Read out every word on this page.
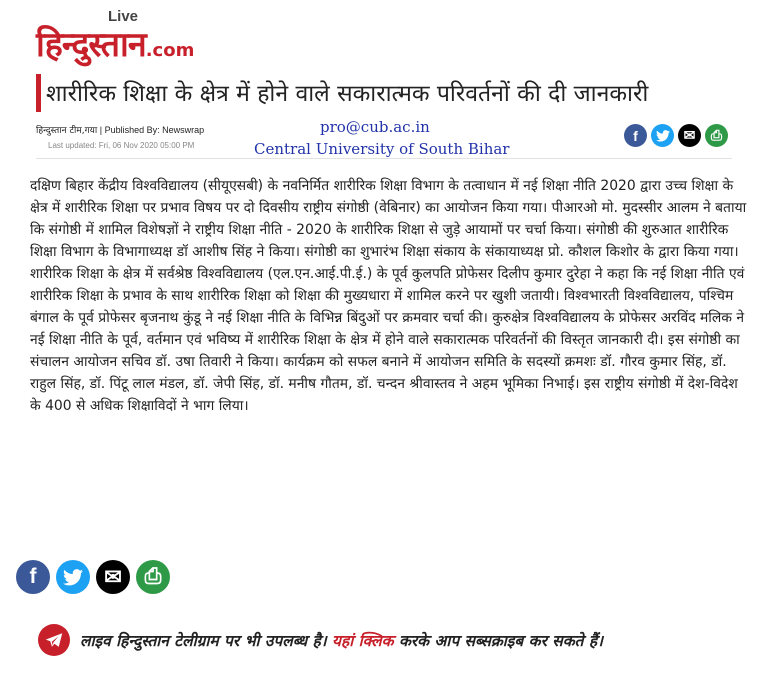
Live
हिन्दुस्तान.com
शारीरिक शिक्षा के क्षेत्र में होने वाले सकारात्मक परिवर्तनों की दी जानकारी
हिन्दुस्तान टीम,गया | Published By: Newswrap
Last updated: Fri, 06 Nov 2020 05:00 PM
pro@cub.ac.in
Central University of South Bihar
f	✉	⎙

दक्षिण बिहार केंद्रीय विश्वविद्यालय (सीयूएसबी) के नवनिर्मित शारीरिक शिक्षा विभाग के तत्वाधान में नई शिक्षा नीति 2020 द्वारा उच्च शिक्षा के क्षेत्र में शारीरिक शिक्षा पर प्रभाव विषय पर दो दिवसीय राष्ट्रीय संगोष्ठी (वेबिनार) का आयोजन किया गया। पीआरओ मो. मुदस्सीर आलम ने बताया कि संगोष्ठी में शामिल विशेषज्ञों ने राष्ट्रीय शिक्षा नीति - 2020 के शारीरिक शिक्षा से जुड़े आयामों पर चर्चा किया। संगोष्ठी की शुरुआत शारीरिक शिक्षा विभाग के विभागाध्यक्ष डॉ आशीष सिंह ने किया। संगोष्ठी का शुभारंभ शिक्षा संकाय के संकायाध्यक्ष प्रो. कौशल किशोर के द्वारा किया गया। शारीरिक शिक्षा के क्षेत्र में सर्वश्रेष्ठ विश्वविद्यालय (एल.एन.आई.पी.ई.) के पूर्व कुलपति प्रोफेसर दिलीप कुमार दुरेहा ने कहा कि नई शिक्षा नीति एवं शारीरिक शिक्षा के प्रभाव के साथ शारीरिक शिक्षा को शिक्षा की मुख्यधारा में शामिल करने पर खुशी जतायी। विश्वभारती विश्वविद्यालय, पश्चिम बंगाल के पूर्व प्रोफेसर बृजनाथ कुंडू ने नई शिक्षा नीति के विभिन्न बिंदुओं पर क्रमवार चर्चा की। कुरुक्षेत्र विश्वविद्यालय के प्रोफेसर अरविंद मलिक ने नई शिक्षा नीति के पूर्व, वर्तमान एवं भविष्य में शारीरिक शिक्षा के क्षेत्र में होने वाले सकारात्मक परिवर्तनों की विस्तृत जानकारी दी। इस संगोष्ठी का संचालन आयोजन सचिव डॉ. उषा तिवारी ने किया। कार्यक्रम को सफल बनाने में आयोजन समिति के सदस्यों क्रमशः डॉ. गौरव कुमार सिंह, डॉ. राहुल सिंह, डॉ. पिंटू लाल मंडल, डॉ. जेपी सिंह, डॉ. मनीष गौतम, डॉ. चन्दन श्रीवास्तव ने अहम भूमिका निभाई। इस राष्ट्रीय संगोष्ठी में देश-विदेश के 400 से अधिक शिक्षाविदों ने भाग लिया।

f	✉	⎙
लाइव हिन्दुस्तान टेलीग्राम पर भी उपलब्ध है। यहां क्लिक करके आप सब्सक्राइब कर सकते हैं।
